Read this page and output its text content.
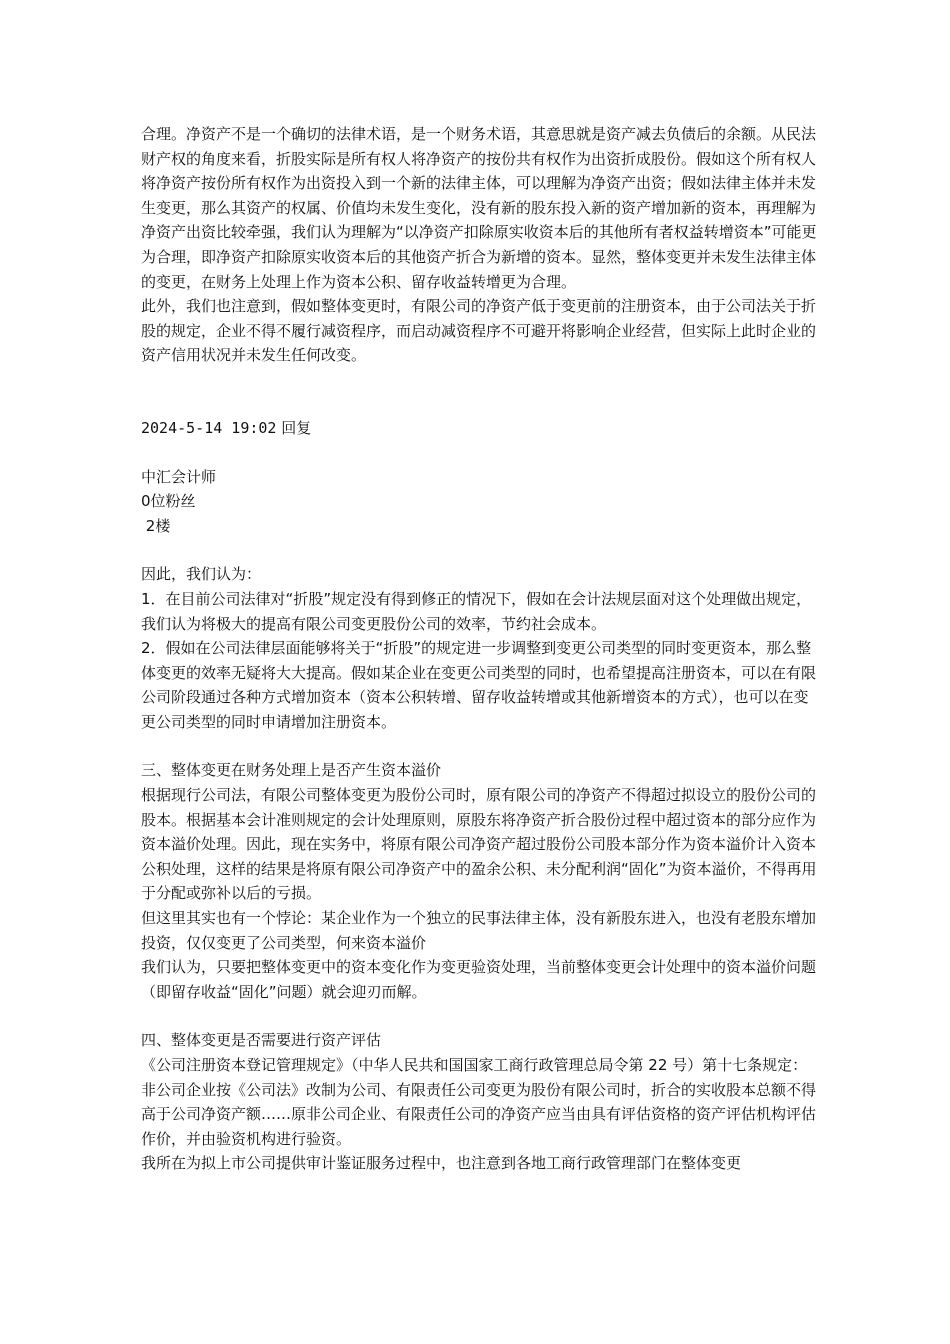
合理。净资产不是一个确切的法律术语，是一个财务术语，其意思就是资产减去负债后的余额。从民法财产权的角度来看，折股实际是所有权人将净资产的按份共有权作为出资折成股份。假如这个所有权人将净资产按份所有权作为出资投入到一个新的法律主体，可以理解为净资产出资；假如法律主体并未发生变更，那么其资产的权属、价值均未发生变化，没有新的股东投入新的资产增加新的资本，再理解为净资产出资比较牵强，我们认为理解为“以净资产扣除原实收资本后的其他所有者权益转增资本”可能更为合理，即净资产扣除原实收资本后的其他资产折合为新增的资本。显然，整体变更并未发生法律主体的变更，在财务上处理上作为资本公积、留存收益转增更为合理。

此外，我们也注意到，假如整体变更时，有限公司的净资产低于变更前的注册资本，由于公司法关于折股的规定，企业不得不履行减资程序，而启动减资程序不可避开将影响企业经营，但实际上此时企业的资产信用状况并未发生任何改变。

2024-5-14 19:02 回复

中汇会计师

0位粉丝

2楼

因此，我们认为：

1．在目前公司法律对“折股”规定没有得到修正的情况下，假如在会计法规层面对这个处理做出规定，我们认为将极大的提高有限公司变更股份公司的效率，节约社会成本。

2．假如在公司法律层面能够将关于“折股”的规定进一步调整到变更公司类型的同时变更资本，那么整体变更的效率无疑将大大提高。假如某企业在变更公司类型的同时，也希望提高注册资本，可以在有限公司阶段通过各种方式增加资本（资本公积转增、留存收益转增或其他新增资本的方式），也可以在变更公司类型的同时申请增加注册资本。

三、整体变更在财务处理上是否产生资本溢价

根据现行公司法，有限公司整体变更为股份公司时，原有限公司的净资产不得超过拟设立的股份公司的股本。根据基本会计准则规定的会计处理原则，原股东将净资产折合股份过程中超过资本的部分应作为资本溢价处理。因此，现在实务中，将原有限公司净资产超过股份公司股本部分作为资本溢价计入资本公积处理，这样的结果是将原有限公司净资产中的盈余公积、未分配利润“固化”为资本溢价，不得再用于分配或弥补以后的亏损。

但这里其实也有一个悖论：某企业作为一个独立的民事法律主体，没有新股东进入，也没有老股东增加投资，仅仅变更了公司类型，何来资本溢价

我们认为，只要把整体变更中的资本变化作为变更验资处理，当前整体变更会计处理中的资本溢价问题（即留存收益“固化”问题）就会迎刃而解。

四、整体变更是否需要进行资产评估

《公司注册资本登记管理规定》（中华人民共和国国家工商行政管理总局令第 22 号）第十七条规定：非公司企业按《公司法》改制为公司、有限责任公司变更为股份有限公司时，折合的实收股本总额不得高于公司净资产额……原非公司企业、有限责任公司的净资产应当由具有评估资格的资产评估机构评估作价，并由验资机构进行验资。

我所在为拟上市公司提供审计鉴证服务过程中，也注意到各地工商行政管理部门在整体变更
